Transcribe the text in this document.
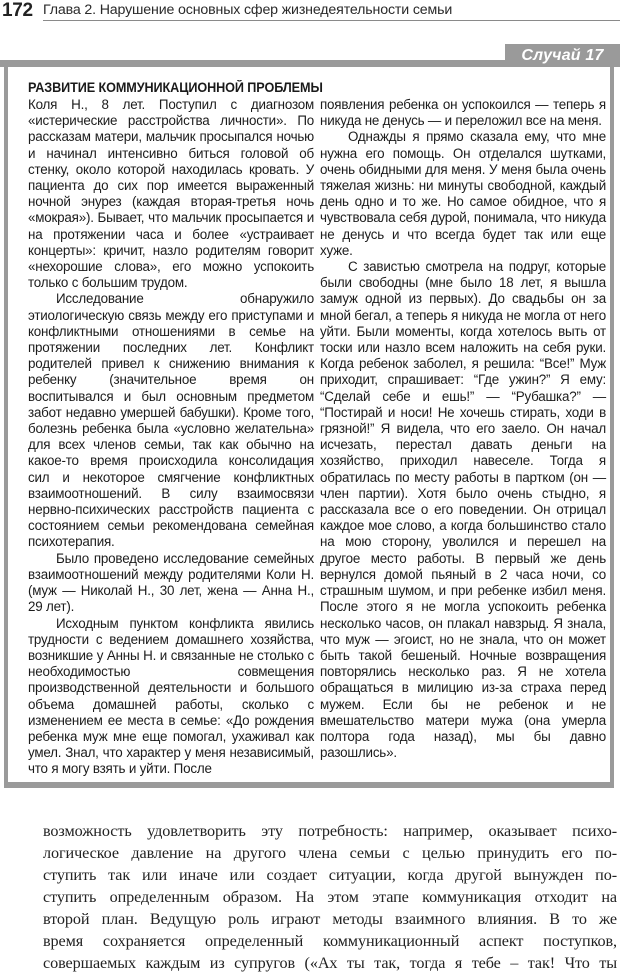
172 Глава 2. Нарушение основных сфер жизнедеятельности семьи
Случай 17
РАЗВИТИЕ КОММУНИКАЦИОННОЙ ПРОБЛЕМЫ

Коля Н., 8 лет. Поступил с диагнозом «истерические расстройства личности». По рассказам матери, мальчик просыпался ночью и начинал интенсивно биться головой об стенку, около которой находилась кровать. У пациента до сих пор имеется выраженный ночной энурез (каждая вторая-третья ночь «мокрая»). Бывает, что мальчик просыпается и на протяжении часа и более «устраивает концерты»: кричит, назло родителям говорит «нехорошие слова», его можно успокоить только с большим трудом.

Исследование обнаружило этиологическую связь между его приступами и конфликтными отношениями в семье на протяжении последних лет. Конфликт родителей привел к снижению внимания к ребенку (значительное время он воспитывался и был основным предметом забот недавно умершей бабушки). Кроме того, болезнь ребенка была «условно желательна» для всех членов семьи, так как обычно на какое-то время происходила консолидация сил и некоторое смягчение конфликтных взаимоотношений. В силу взаимосвязи нервно-психических расстройств пациента с состоянием семьи рекомендована семейная психотерапия.

Было проведено исследование семейных взаимоотношений между родителями Коли Н. (муж — Николай Н., 30 лет, жена — Анна Н., 29 лет).

Исходным пунктом конфликта явились трудности с ведением домашнего хозяйства, возникшие у Анны Н. и связанные не столько с необходимостью совмещения производственной деятельности и большого объема домашней работы, сколько с изменением ее места в семье: «До рождения ребенка муж мне еще помогал, ухаживал как умел. Знал, что характер у меня независимый, что я могу взять и уйти. После

появления ребенка он успокоился — теперь я никуда не денусь — и переложил все на меня.

Однажды я прямо сказала ему, что мне нужна его помощь. Он отделался шутками, очень обидными для меня. У меня была очень тяжелая жизнь: ни минуты свободной, каждый день одно и то же. Но самое обидное, что я чувствовала себя дурой, понимала, что никуда не денусь и что всегда будет так или еще хуже.

С завистью смотрела на подруг, которые были свободны (мне было 18 лет, я вышла замуж одной из первых). До свадьбы он за мной бегал, а теперь я никуда не могла от него уйти. Были моменты, когда хотелось выть от тоски или назло всем наложить на себя руки. Когда ребенок заболел, я решила: “Все!” Муж приходит, спрашивает: “Где ужин?” Я ему: “Сделай себе и ешь!” — “Рубашка?” — “Постирай и носи! Не хочешь стирать, ходи в грязной!” Я видела, что его заело. Он начал исчезать, перестал давать деньги на хозяйство, приходил навеселе. Тогда я обратилась по месту работы в партком (он — член партии). Хотя было очень стыдно, я рассказала все о его поведении. Он отрицал каждое мое слово, а когда большинство стало на мою сторону, уволился и перешел на другое место работы. В первый же день вернулся домой пьяный в 2 часа ночи, со страшным шумом, и при ребенке избил меня. После этого я не могла успокоить ребенка несколько часов, он плакал навзрыд. Я знала, что муж — эгоист, но не знала, что он может быть такой бешеный. Ночные возвращения повторялись несколько раз. Я не хотела обращаться в милицию из-за страха перед мужем. Если бы не ребенок и не вмешательство матери мужа (она умерла полтора года назад), мы бы давно разошлись».

возможность удовлетворить эту потребность: например, оказывает психо-
логическое давление на другого члена семьи с целью принудить его по-
ступить так или иначе или создает ситуации, когда другой вынужден по-
ступить определенным образом. На этом этапе коммуникация отходит на
второй план. Ведущую роль играют методы взаимного влияния. В то же
время сохраняется определенный коммуникационный аспект поступков,
совершаемых каждым из супругов («Ах ты так, тогда я тебе – так! Что ты
